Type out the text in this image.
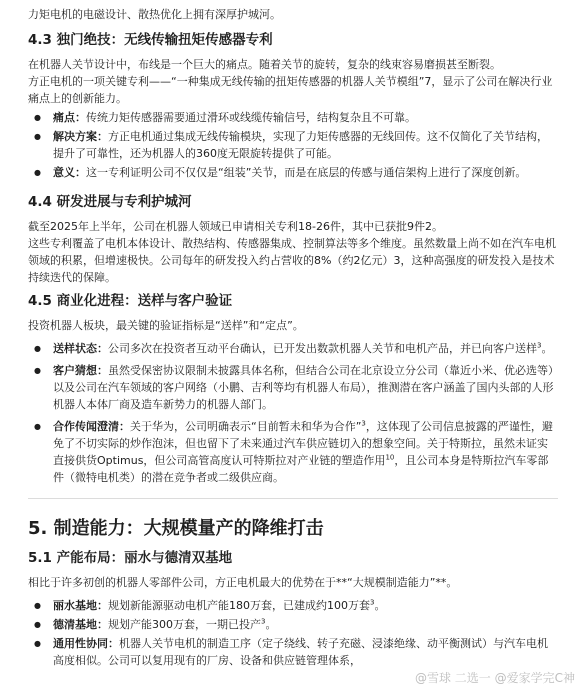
力矩电机的电磁设计、散热优化上拥有深厚护城河。

4.3 独门绝技：无线传输扭矩传感器专利

在机器人关节设计中，布线是一个巨大的痛点。随着关节的旋转，复杂的线束容易磨损甚至断裂。

方正电机的一项关键专利——“一种集成无线传输的扭矩传感器的机器人关节模组”7，显示了公司在解决行业痛点上的创新能力。

● 痛点：传统力矩传感器需要通过滑环或线缆传输信号，结构复杂且不可靠。
● 解决方案：方正电机通过集成无线传输模块，实现了力矩传感器的无线回传。这不仅简化了关节结构，提升了可靠性，还为机器人的360度无限旋转提供了可能。
● 意义：这一专利证明公司不仅仅是“组装”关节，而是在底层的传感与通信架构上进行了深度创新。
4.4 研发进展与专利护城河

截至2025年上半年，公司在机器人领域已申请相关专利18-26件，其中已获批9件2。

这些专利覆盖了电机本体设计、散热结构、传感器集成、控制算法等多个维度。虽然数量上尚不如在汽车电机领域的积累，但增速极快。公司每年的研发投入约占营收的8%（约2亿元）3，这种高强度的研发投入是技术持续迭代的保障。

4.5 商业化进程：送样与客户验证

投资机器人板块，最关键的验证指标是“送样”和“定点”。

● 送样状态：公司多次在投资者互动平台确认，已开发出数款机器人关节和电机产品，并已向客户送样$^3$。
● 客户猜想：虽然受保密协议限制未披露具体名称，但结合公司在北京设立分公司（靠近小米、优必选等）以及公司在汽车领域的客户网络（小鹏、吉利等均有机器人布局），推测潜在客户涵盖了国内头部的人形机器人本体厂商及造车新势力的机器人部门。
● 合作传闻澄清：关于华为，公司明确表示“目前暂未和华为合作”$^3$，这体现了公司信息披露的严谨性，避免了不切实际的炒作泡沫，但也留下了未来通过汽车供应链切入的想象空间。关于特斯拉，虽然未证实直接供货Optimus，但公司高管高度认可特斯拉对产业链的塑造作用$^{10}$，且公司本身是特斯拉汽车零部件（微特电机类）的潜在竞争者或二级供应商。
5. 制造能力：大规模量产的降维打击
5.1 产能布局：丽水与德清双基地

相比于许多初创的机器人零部件公司，方正电机最大的优势在于**“大规模制造能力”**。

● 丽水基地：规划新能源驱动电机产能180万套，已建成约100万套$^3$。
● 德清基地：规划产能300万套，一期已投产$^3$。
● 通用性协同：机器人关节电机的制造工序（定子绕线、转子充磁、浸漆绝缘、动平衡测试）与汽车电机高度相似。公司可以复用现有的厂房、设备和供应链管理体系，
@雪球 二选一 @爱家学完C神
